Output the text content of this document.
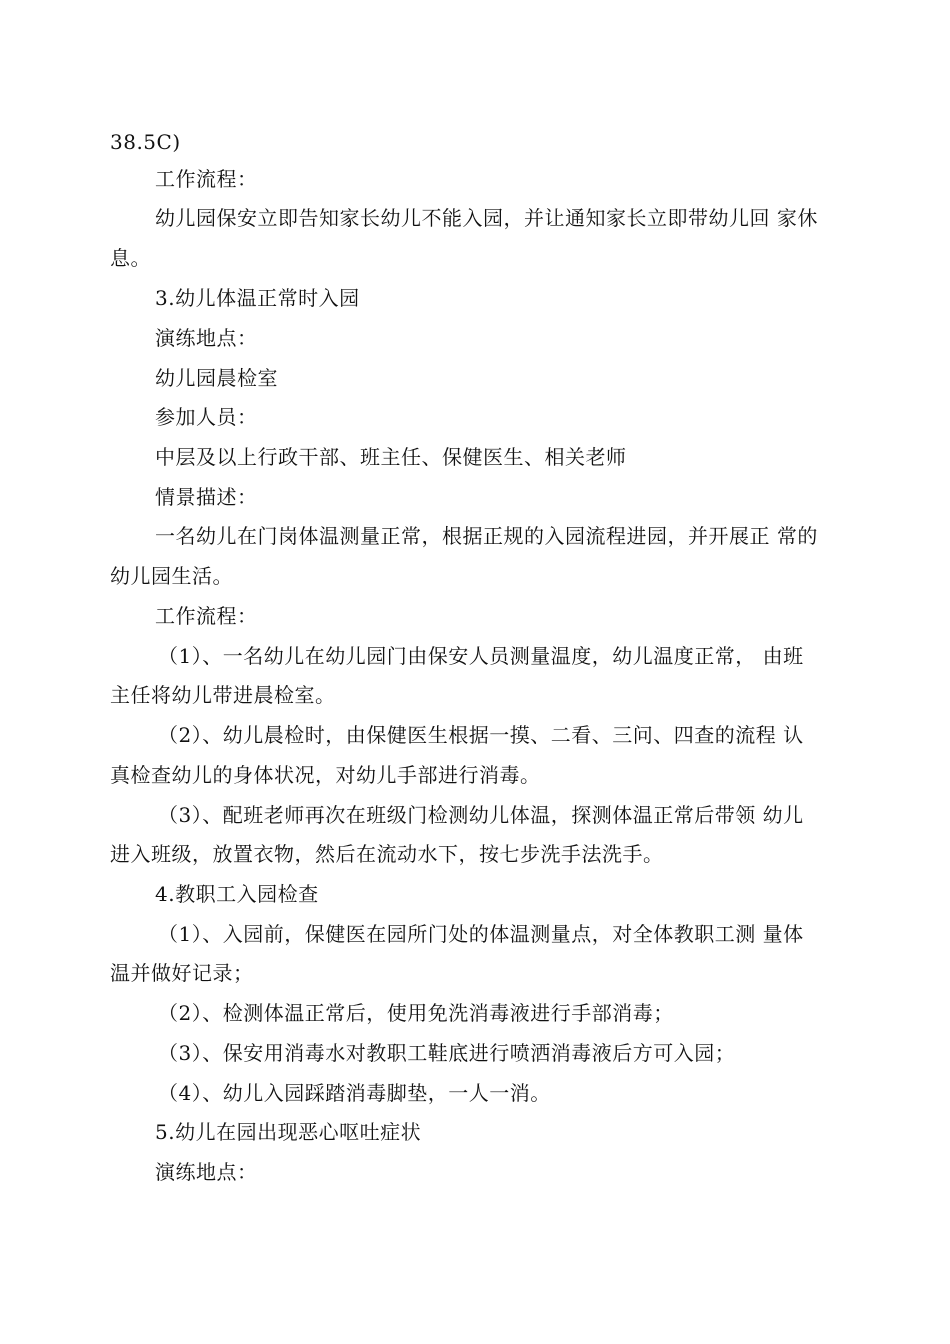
38.5C)

工作流程：

幼儿园保安立即告知家长幼儿不能入园，并让通知家长立即带幼儿回 家休

息。

3.幼儿体温正常时入园

演练地点：

幼儿园晨检室

参加人员：

中层及以上行政干部、班主任、保健医生、相关老师

情景描述：

一名幼儿在门岗体温测量正常，根据正规的入园流程进园，并开展正 常的

幼儿园生活。

工作流程：

（1）、一名幼儿在幼儿园门由保安人员测量温度，幼儿温度正常， 由班

主任将幼儿带进晨检室。

（2）、幼儿晨检时，由保健医生根据一摸、二看、三问、四查的流程 认

真检查幼儿的身体状况，对幼儿手部进行消毒。

（3）、配班老师再次在班级门检测幼儿体温，探测体温正常后带领 幼儿

进入班级，放置衣物，然后在流动水下，按七步洗手法洗手。

4.教职工入园检查

（1）、入园前，保健医在园所门处的体温测量点，对全体教职工测 量体

温并做好记录；

（2）、检测体温正常后，使用免洗消毒液进行手部消毒；

（3）、保安用消毒水对教职工鞋底进行喷洒消毒液后方可入园；

（4）、幼儿入园踩踏消毒脚垫，一人一消。

5.幼儿在园出现恶心呕吐症状

演练地点：
